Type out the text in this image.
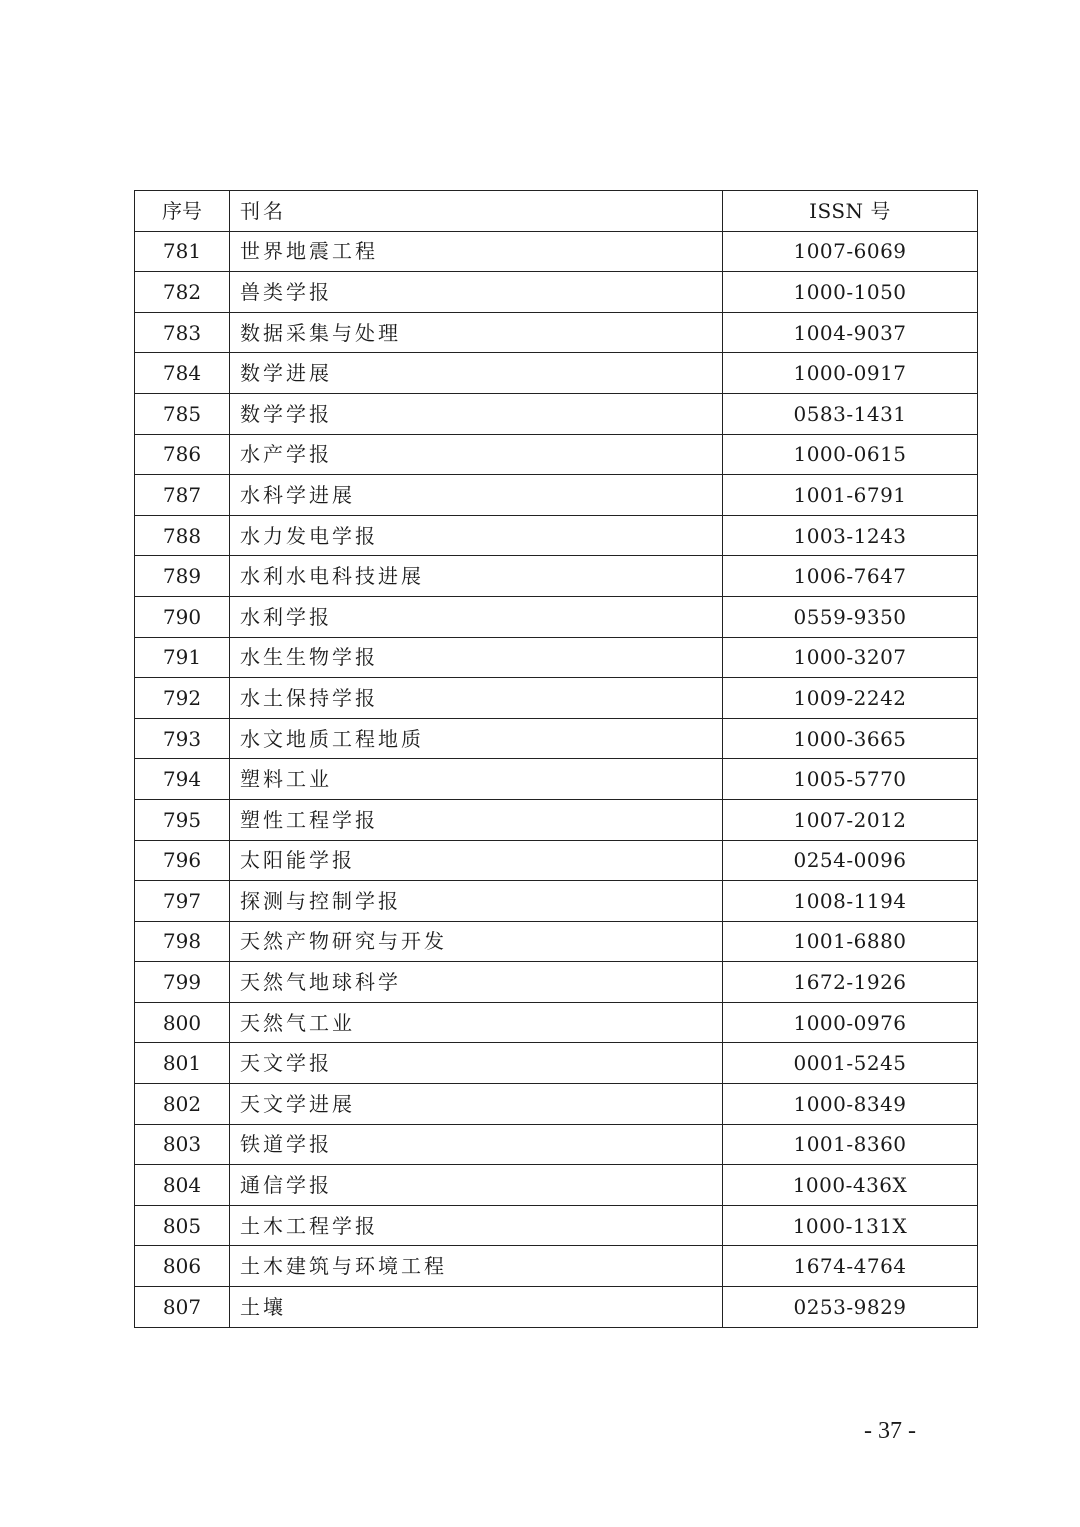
序号	刊名	ISSN 号
781	世界地震工程	1007-6069
782	兽类学报	1000-1050
783	数据采集与处理	1004-9037
784	数学进展	1000-0917
785	数学学报	0583-1431
786	水产学报	1000-0615
787	水科学进展	1001-6791
788	水力发电学报	1003-1243
789	水利水电科技进展	1006-7647
790	水利学报	0559-9350
791	水生生物学报	1000-3207
792	水土保持学报	1009-2242
793	水文地质工程地质	1000-3665
794	塑料工业	1005-5770
795	塑性工程学报	1007-2012
796	太阳能学报	0254-0096
797	探测与控制学报	1008-1194
798	天然产物研究与开发	1001-6880
799	天然气地球科学	1672-1926
800	天然气工业	1000-0976
801	天文学报	0001-5245
802	天文学进展	1000-8349
803	铁道学报	1001-8360
804	通信学报	1000-436X
805	土木工程学报	1000-131X
806	土木建筑与环境工程	1674-4764
807	土壤	0253-9829
- 37 -
